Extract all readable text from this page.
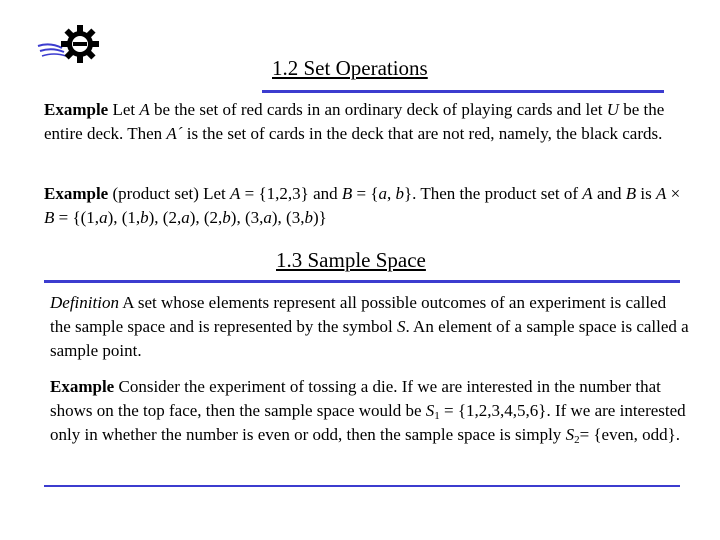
1.2 Set Operations

Example Let A be the set of red cards in an ordinary deck of playing cards and let U be the entire deck. Then A´ is the set of cards in the deck that are not red, namely, the black cards.

Example (product set) Let A = {1,2,3} and B = {a, b}. Then the product set of A and B is A × B = {(1,a), (1,b), (2,a), (2,b), (3,a), (3,b)}

1.3 Sample Space

Definition A set whose elements represent all possible outcomes of an experiment is called the sample space and is represented by the symbol S. An element of a sample space is called a sample point.

Example Consider the experiment of tossing a die. If we are interested in the number that shows on the top face, then the sample space would be $S_1 = \{1,2,3,4,5,6\}$. If we are interested only in whether the number is even or odd, then the sample space is simply $S_2=$ {even, odd}.
